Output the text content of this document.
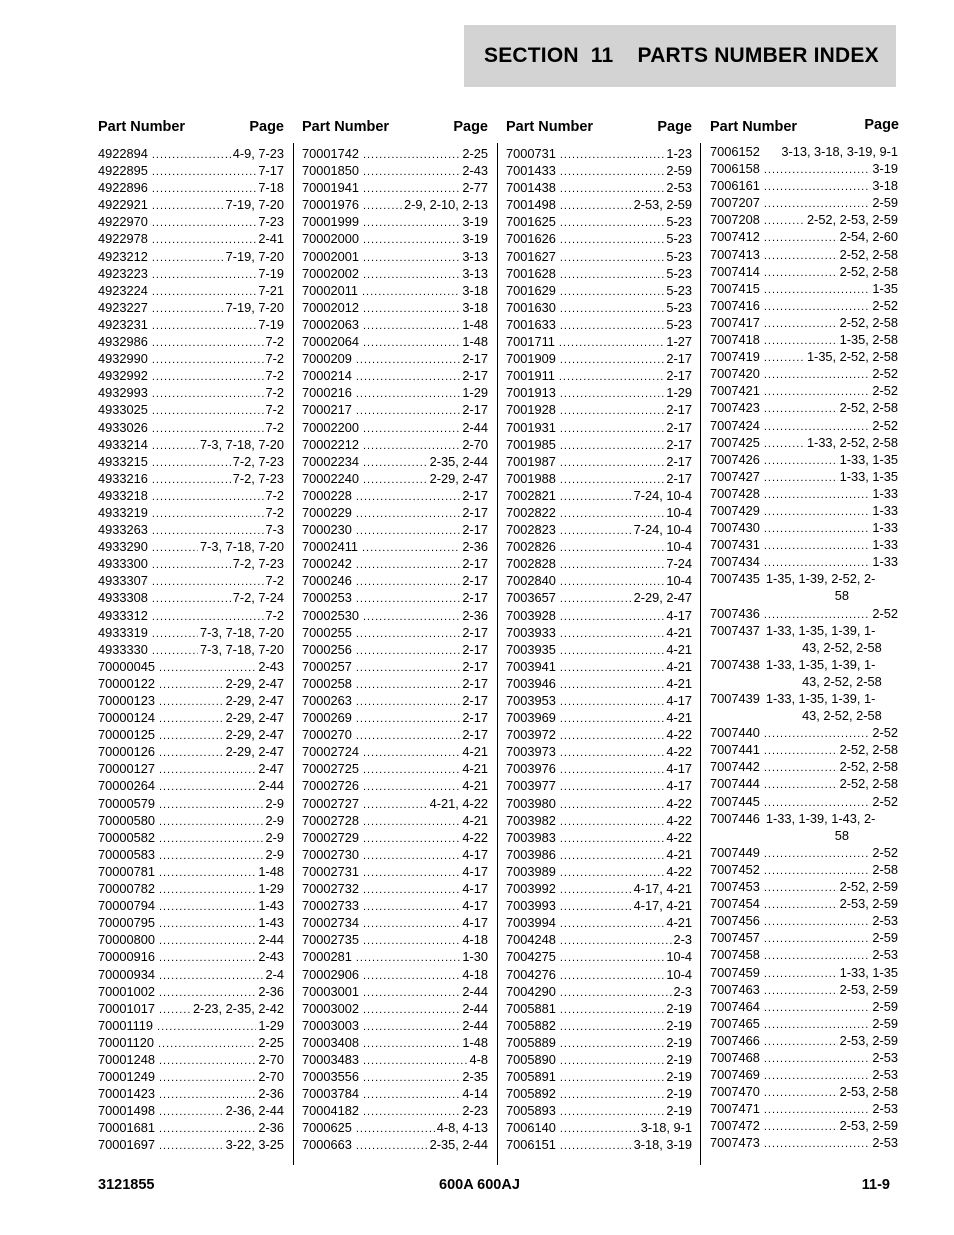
SECTION  11    PARTS NUMBER INDEX
Part Number	Page
4922894 .....	4-9, 7-23
4922895 .....	7-17
4922896 .....	7-18
4922921 .....	7-19, 7-20
4922970 .....	7-23
4922978 .....	2-41
4923212 .....	7-19, 7-20
4923223 .....	7-19
4923224 .....	7-21
4923227 .....	7-19, 7-20
4923231 .....	7-19
4932986 .....	7-2
4932990 .....	7-2
4932992 .....	7-2
4932993 .....	7-2
4933025 .....	7-2
4933026 .....	7-2
4933214 .....	7-3, 7-18, 7-20
4933215 .....	7-2, 7-23
4933216 .....	7-2, 7-23
4933218 .....	7-2
4933219 .....	7-2
4933263 .....	7-3
4933290 .....	7-3, 7-18, 7-20
4933300 .....	7-2, 7-23
4933307 .....	7-2
4933308 .....	7-2, 7-24
4933312 .....	7-2
4933319 .....	7-3, 7-18, 7-20
4933330 .....	7-3, 7-18, 7-20
70000045 .....	2-43
70000122 .....	2-29, 2-47
70000123 .....	2-29, 2-47
70000124 .....	2-29, 2-47
70000125 .....	2-29, 2-47
70000126 .....	2-29, 2-47
70000127 .....	2-47
70000264 .....	2-44
70000579 .....	2-9
70000580 .....	2-9
70000582 .....	2-9
70000583 .....	2-9
70000781 .....	1-48
70000782 .....	1-29
70000794 .....	1-43
70000795 .....	1-43
70000800 .....	2-44
70000916 .....	2-43
70000934 .....	2-4
70001002 .....	2-36
70001017 .....	2-23, 2-35, 2-42
70001119 .....	1-29
70001120 .....	2-25
70001248 .....	2-70
70001249 .....	2-70
70001423 .....	2-36
70001498 .....	2-36, 2-44
70001681 .....	2-36
70001697 .....	3-22, 3-25
Part Number	Page
70001742 .....	2-25
70001850 .....	2-43
70001941 .....	2-77
70001976 .....	2-9, 2-10, 2-13
70001999 .....	3-19
70002000 .....	3-19
70002001 .....	3-13
70002002 .....	3-13
70002011 .....	3-18
70002012 .....	3-18
70002063 .....	1-48
70002064 .....	1-48
7000209 .....	2-17
7000214 .....	2-17
7000216 .....	1-29
7000217 .....	2-17
70002200 .....	2-44
70002212 .....	2-70
70002234 .....	2-35, 2-44
70002240 .....	2-29, 2-47
7000228 .....	2-17
7000229 .....	2-17
7000230 .....	2-17
70002411 .....	2-36
7000242 .....	2-17
7000246 .....	2-17
7000253 .....	2-17
70002530 .....	2-36
7000255 .....	2-17
7000256 .....	2-17
7000257 .....	2-17
7000258 .....	2-17
7000263 .....	2-17
7000269 .....	2-17
7000270 .....	2-17
70002724 .....	4-21
70002725 .....	4-21
70002726 .....	4-21
70002727 .....	4-21, 4-22
70002728 .....	4-21
70002729 .....	4-22
70002730 .....	4-17
70002731 .....	4-17
70002732 .....	4-17
70002733 .....	4-17
70002734 .....	4-17
70002735 .....	4-18
7000281 .....	1-30
70002906 .....	4-18
70003001 .....	2-44
70003002 .....	2-44
70003003 .....	2-44
70003408 .....	1-48
70003483 .....	4-8
70003556 .....	2-35
70003784 .....	4-14
70004182 .....	2-23
7000625 .....	4-8, 4-13
7000663 .....	2-35, 2-44
Part Number	Page
7000731 .....	1-23
7001433 .....	2-59
7001438 .....	2-53
7001498 .....	2-53, 2-59
7001625 .....	5-23
7001626 .....	5-23
7001627 .....	5-23
7001628 .....	5-23
7001629 .....	5-23
7001630 .....	5-23
7001633 .....	5-23
7001711 .....	1-27
7001909 .....	2-17
7001911 .....	2-17
7001913 .....	1-29
7001928 .....	2-17
7001931 .....	2-17
7001985 .....	2-17
7001987 .....	2-17
7001988 .....	2-17
7002821 .....	7-24, 10-4
7002822 .....	10-4
7002823 .....	7-24, 10-4
7002826 .....	10-4
7002828 .....	7-24
7002840 .....	10-4
7003657 .....	2-29, 2-47
7003928 .....	4-17
7003933 .....	4-21
7003935 .....	4-21
7003941 .....	4-21
7003946 .....	4-21
7003953 .....	4-17
7003969 .....	4-21
7003972 .....	4-22
7003973 .....	4-22
7003976 .....	4-17
7003977 .....	4-17
7003980 .....	4-22
7003982 .....	4-22
7003983 .....	4-22
7003986 .....	4-21
7003989 .....	4-22
7003992 .....	4-17, 4-21
7003993 .....	4-17, 4-21
7003994 .....	4-21
7004248 .....	2-3
7004275 .....	10-4
7004276 .....	10-4
7004290 .....	2-3
7005881 .....	2-19
7005882 .....	2-19
7005889 .....	2-19
7005890 .....	2-19
7005891 .....	2-19
7005892 .....	2-19
7005893 .....	2-19
7006140 .....	3-18, 9-1
7006151 .....	3-18, 3-19
Part Number	Page
7006152 3-13, 3-18, 3-19, 9-1
7006158 .....	3-19
7006161 .....	3-18
7007207 .....	2-59
7007208 .....	2-52, 2-53, 2-59
7007412 .....	2-54, 2-60
7007413 .....	2-52, 2-58
7007414 .....	2-52, 2-58
7007415 .....	1-35
7007416 .....	2-52
7007417 .....	2-52, 2-58
7007418 .....	1-35, 2-58
7007419 .....	1-35, 2-52, 2-58
7007420 .....	2-52
7007421 .....	2-52
7007423 .....	2-52, 2-58
7007424 .....	2-52
7007425 .....	1-33, 2-52, 2-58
7007426 .....	1-33, 1-35
7007427 .....	1-33, 1-35
7007428 .....	1-33
7007429 .....	1-33
7007430 .....	1-33
7007431 .....	1-33
7007434 .....	1-33
7007435 1-35, 1-39, 2-52, 2-
58
7007436 .....	2-52
7007437 1-33, 1-35, 1-39, 1-
43, 2-52, 2-58
7007438 1-33, 1-35, 1-39, 1-
43, 2-52, 2-58
7007439 1-33, 1-35, 1-39, 1-
43, 2-52, 2-58
7007440 .....	2-52
7007441 .....	2-52, 2-58
7007442 .....	2-52, 2-58
7007444 .....	2-52, 2-58
7007445 .....	2-52
7007446 1-33, 1-39, 1-43, 2-
58
7007449 .....	2-52
7007452 .....	2-58
7007453 .....	2-52, 2-59
7007454 .....	2-53, 2-59
7007456 .....	2-53
7007457 .....	2-59
7007458 .....	2-53
7007459 .....	1-33, 1-35
7007463 .....	2-53, 2-59
7007464 .....	2-59
7007465 .....	2-59
7007466 .....	2-53, 2-59
7007468 .....	2-53
7007469 .....	2-53
7007470 .....	2-53, 2-58
7007471 .....	2-53
7007472 .....	2-53, 2-59
7007473 .....	2-53
3121855	600A 600AJ	11-9
